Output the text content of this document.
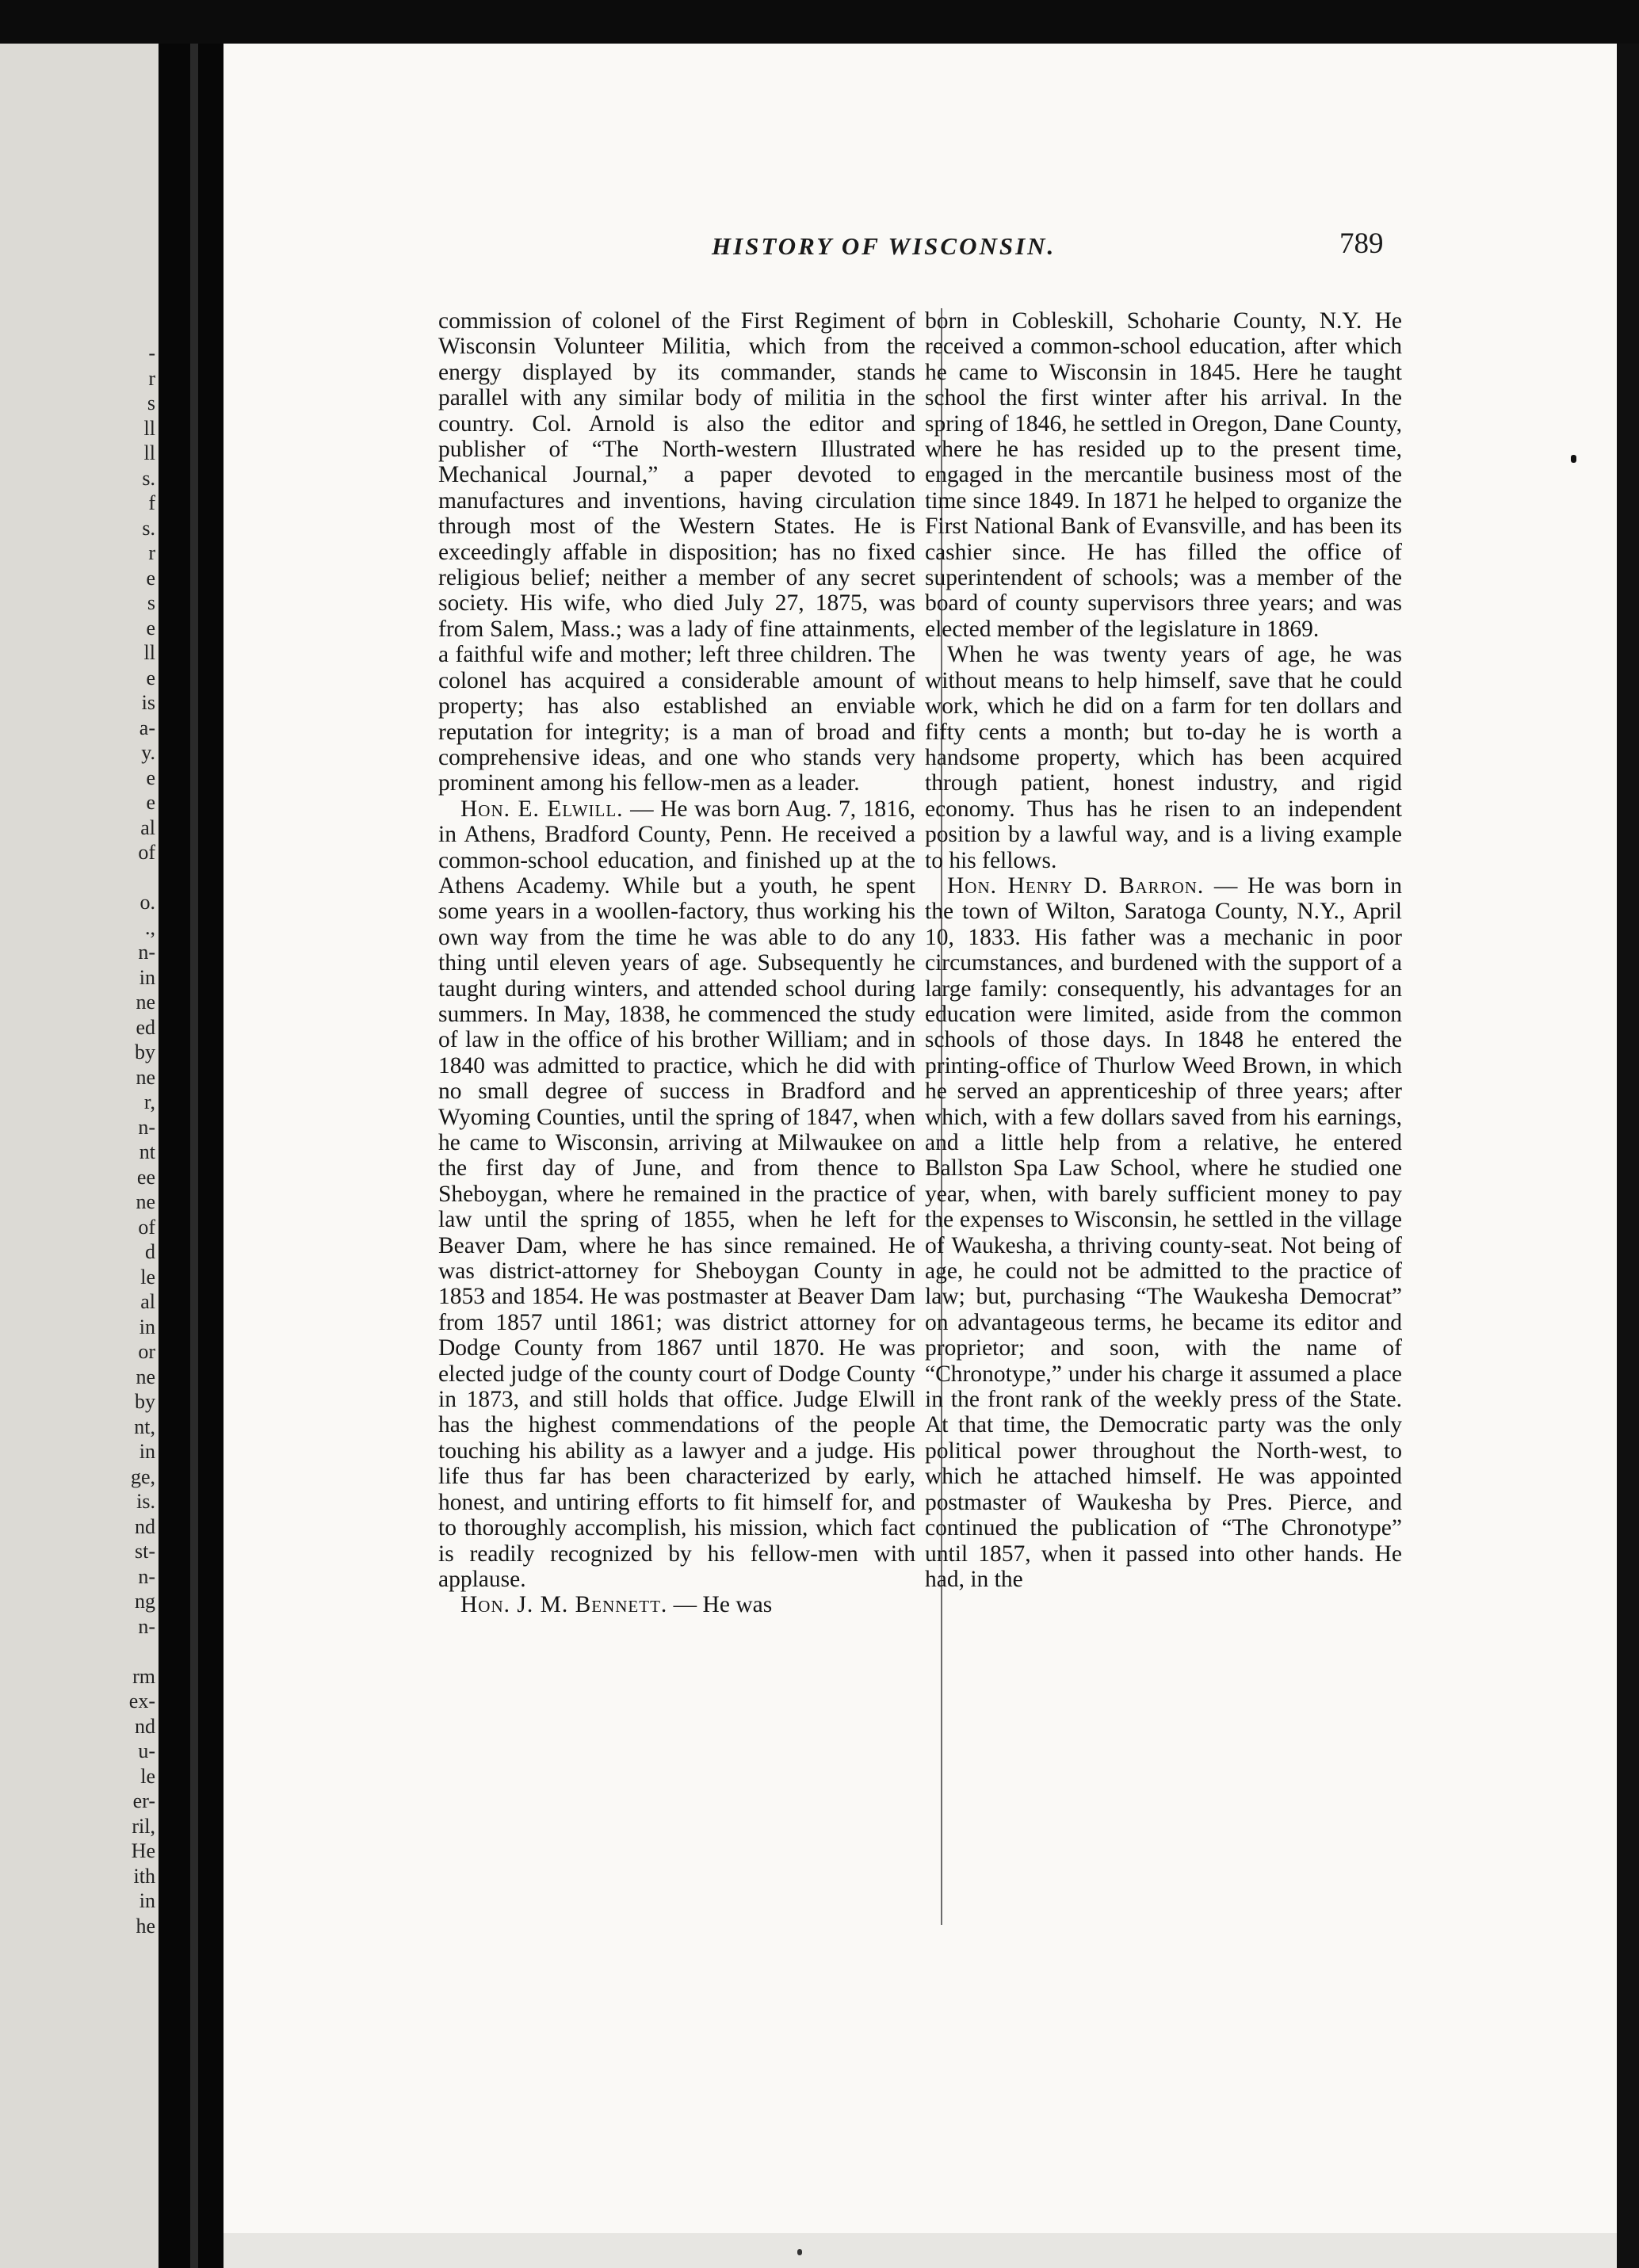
-
r
s
ll
ll
s.
f
s.
r
e
s
e
ll
e
is
a-
y.
e
e
al
of
o.
.,
n-
in
ne
ed
by
ne
r,
n-
nt
ee
ne
of
d
le
al
in
or
ne
by
nt,
in
ge,
is.
nd
st-
n-
ng
n-
rm
ex-
nd
u-
le
er-
ril,
He
ith
in
he
HISTORY OF WISCONSIN.	789

commission of colonel of the First Regiment of Wisconsin Volunteer Militia, which from the energy displayed by its commander, stands parallel with any similar body of militia in the country. Col. Arnold is also the editor and publisher of “The North-western Illustrated Mechanical Journal,” a paper devoted to manufactures and inventions, having circulation through most of the Western States. He is exceedingly affable in disposition; has no fixed religious belief; neither a member of any secret society. His wife, who died July 27, 1875, was from Salem, Mass.; was a lady of fine attainments, a faithful wife and mother; left three children. The colonel has acquired a considerable amount of property; has also established an enviable reputation for integrity; is a man of broad and comprehensive ideas, and one who stands very prominent among his fellow-men as a leader.

Hon. E. Elwill. — He was born Aug. 7, 1816, in Athens, Bradford County, Penn. He received a common-school education, and finished up at the Athens Academy. While but a youth, he spent some years in a woollen-factory, thus working his own way from the time he was able to do any thing until eleven years of age. Subsequently he taught during winters, and attended school during summers. In May, 1838, he commenced the study of law in the office of his brother William; and in 1840 was admitted to practice, which he did with no small degree of success in Bradford and Wyoming Counties, until the spring of 1847, when he came to Wisconsin, arriving at Milwaukee on the first day of June, and from thence to Sheboygan, where he remained in the practice of law until the spring of 1855, when he left for Beaver Dam, where he has since remained. He was district-attorney for Sheboygan County in 1853 and 1854. He was postmaster at Beaver Dam from 1857 until 1861; was district attorney for Dodge County from 1867 until 1870. He was elected judge of the county court of Dodge County in 1873, and still holds that office. Judge Elwill has the highest commendations of the people touching his ability as a lawyer and a judge. His life thus far has been characterized by early, honest, and untiring efforts to fit himself for, and to thoroughly accomplish, his mission, which fact is readily recognized by his fellow-men with applause.

Hon. J. M. Bennett. — He was

born in Cobleskill, Schoharie County, N.Y. He received a common-school education, after which he came to Wisconsin in 1845. Here he taught school the first winter after his arrival. In the spring of 1846, he settled in Oregon, Dane County, where he has resided up to the present time, engaged in the mercantile business most of the time since 1849. In 1871 he helped to organize the First National Bank of Evansville, and has been its cashier since. He has filled the office of superintendent of schools; was a member of the board of county supervisors three years; and was elected member of the legislature in 1869.

When he was twenty years of age, he was without means to help himself, save that he could work, which he did on a farm for ten dollars and fifty cents a month; but to-day he is worth a handsome property, which has been acquired through patient, honest industry, and rigid economy. Thus has he risen to an independent position by a lawful way, and is a living example to his fellows.

Hon. Henry D. Barron. — He was born in the town of Wilton, Saratoga County, N.Y., April 10, 1833. His father was a mechanic in poor circumstances, and burdened with the support of a large family: consequently, his advantages for an education were limited, aside from the common schools of those days. In 1848 he entered the printing-office of Thurlow Weed Brown, in which he served an apprenticeship of three years; after which, with a few dollars saved from his earnings, and a little help from a relative, he entered Ballston Spa Law School, where he studied one year, when, with barely sufficient money to pay the expenses to Wisconsin, he settled in the village of Waukesha, a thriving county-seat. Not being of age, he could not be admitted to the practice of law; but, purchasing “The Waukesha Democrat” on advantageous terms, he became its editor and proprietor; and soon, with the name of “Chronotype,” under his charge it assumed a place in the front rank of the weekly press of the State. At that time, the Democratic party was the only political power throughout the North-west, to which he attached himself. He was appointed postmaster of Waukesha by Pres. Pierce, and continued the publication of “The Chronotype” until 1857, when it passed into other hands. He had, in the
